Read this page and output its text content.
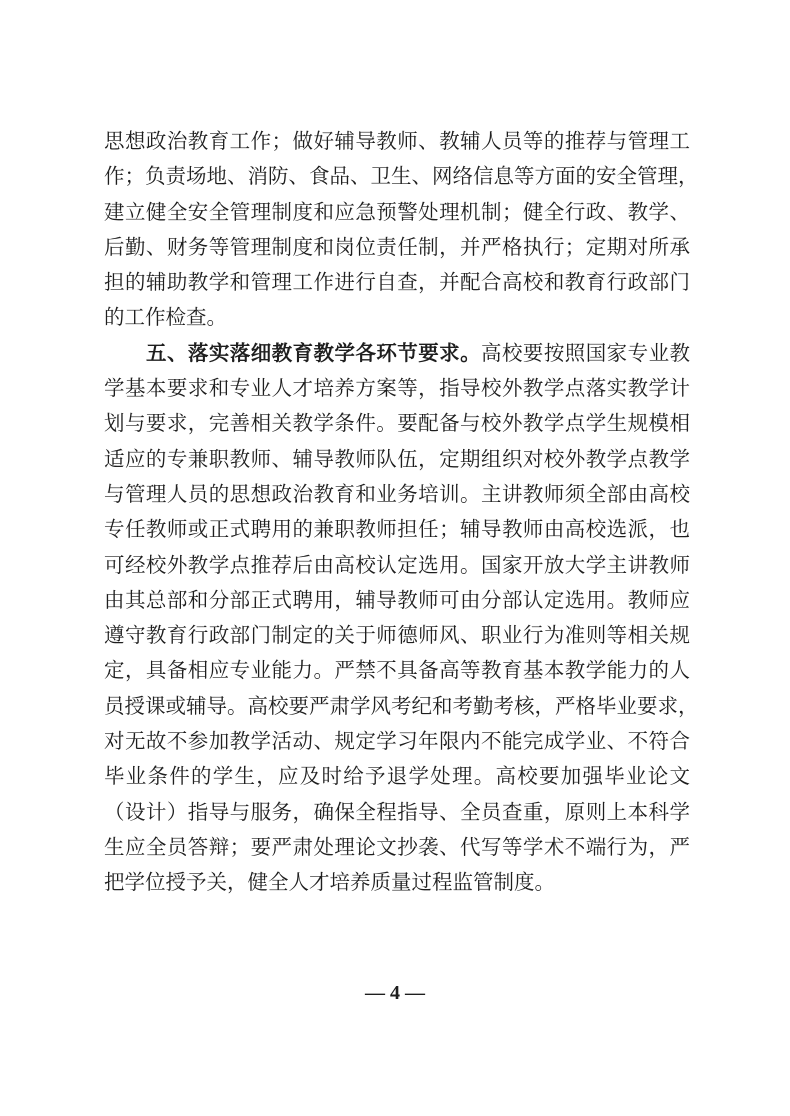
思想政治教育工作；做好辅导教师、教辅人员等的推荐与管理工
作；负责场地、消防、食品、卫生、网络信息等方面的安全管理，
建立健全安全管理制度和应急预警处理机制；健全行政、教学、
后勤、财务等管理制度和岗位责任制，并严格执行；定期对所承
担的辅助教学和管理工作进行自查，并配合高校和教育行政部门
的工作检查。
五、落实落细教育教学各环节要求。高校要按照国家专业教
学基本要求和专业人才培养方案等，指导校外教学点落实教学计
划与要求，完善相关教学条件。要配备与校外教学点学生规模相
适应的专兼职教师、辅导教师队伍，定期组织对校外教学点教学
与管理人员的思想政治教育和业务培训。主讲教师须全部由高校
专任教师或正式聘用的兼职教师担任；辅导教师由高校选派，也
可经校外教学点推荐后由高校认定选用。国家开放大学主讲教师
由其总部和分部正式聘用，辅导教师可由分部认定选用。教师应
遵守教育行政部门制定的关于师德师风、职业行为准则等相关规
定，具备相应专业能力。严禁不具备高等教育基本教学能力的人
员授课或辅导。高校要严肃学风考纪和考勤考核，严格毕业要求，
对无故不参加教学活动、规定学习年限内不能完成学业、不符合
毕业条件的学生，应及时给予退学处理。高校要加强毕业论文
（设计）指导与服务，确保全程指导、全员查重，原则上本科学
生应全员答辩；要严肃处理论文抄袭、代写等学术不端行为，严
把学位授予关，健全人才培养质量过程监管制度。
— 4 —
